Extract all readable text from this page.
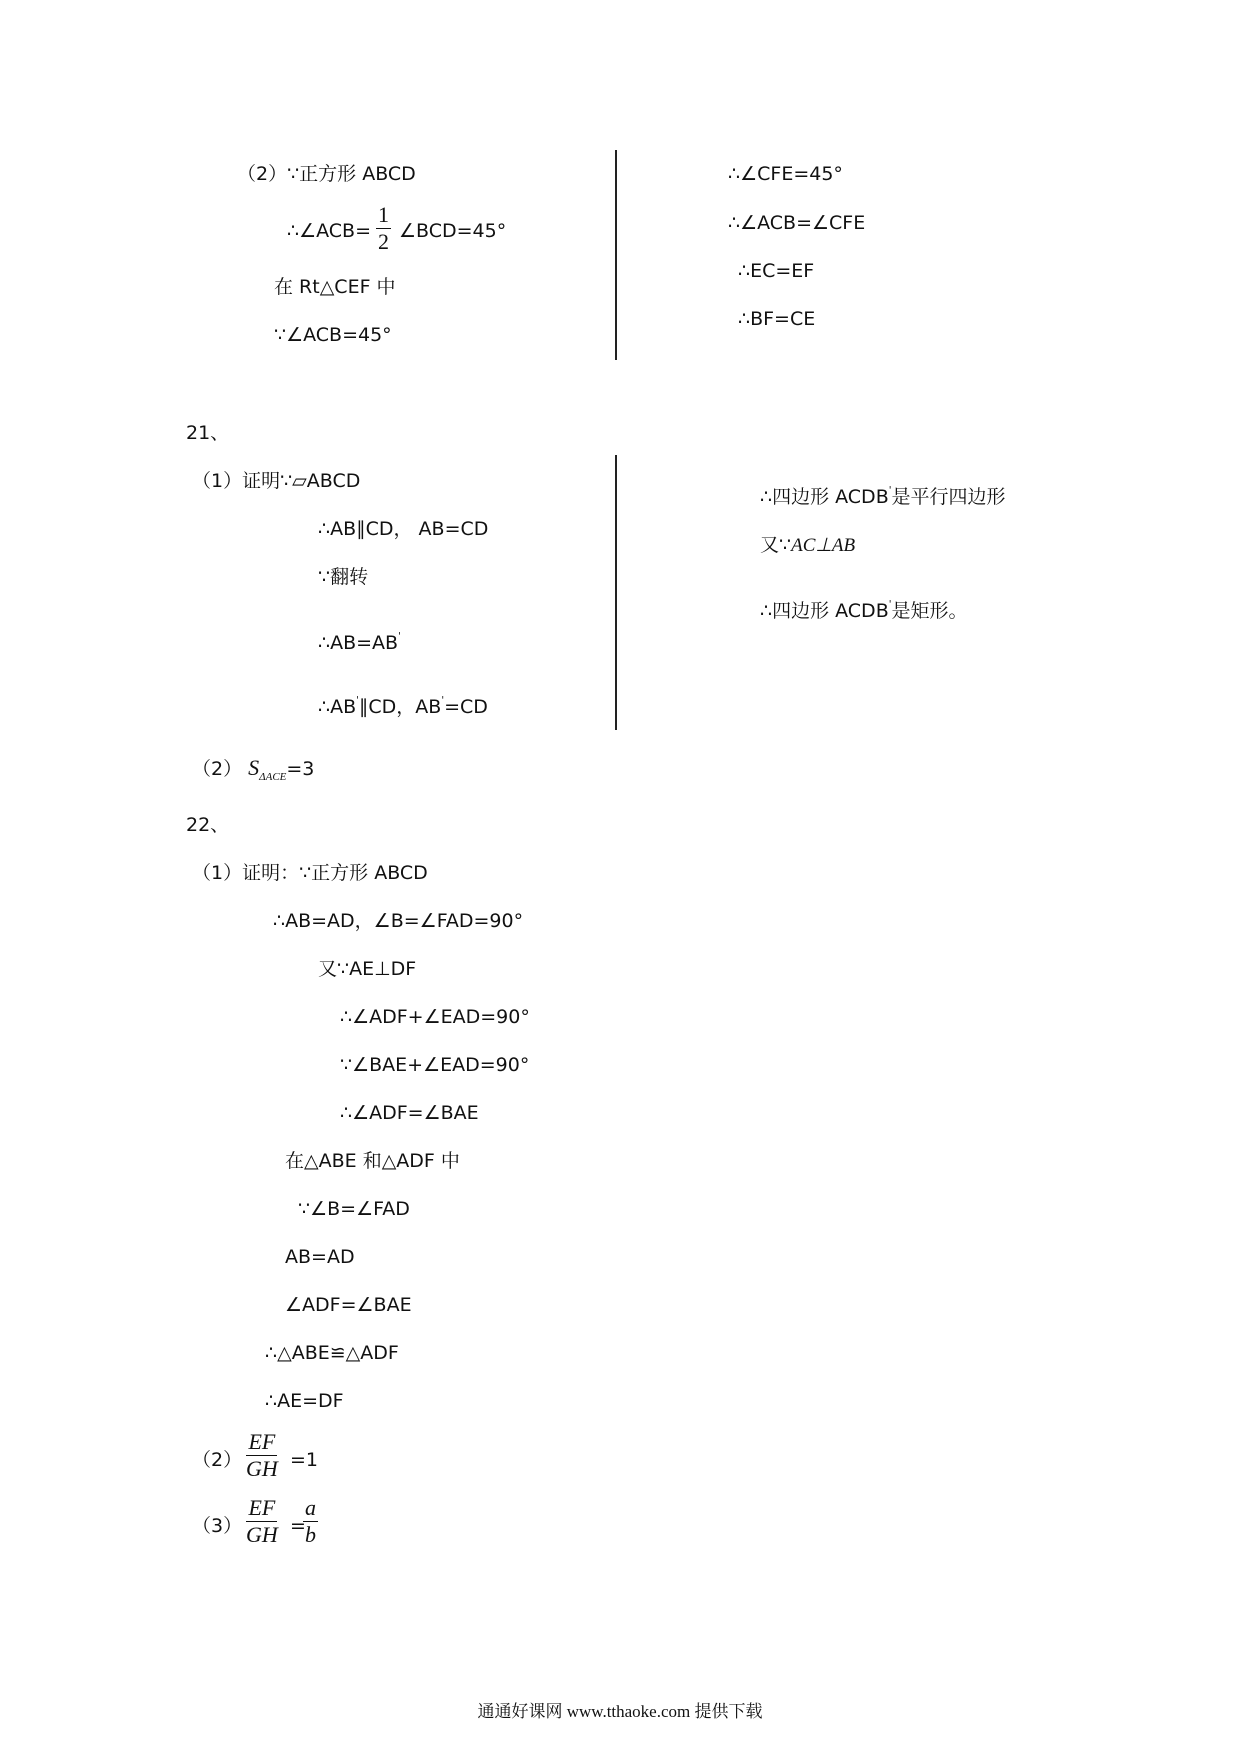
（2）∵正方形 ABCD
∴∠ACB= $\frac{1}{2}$ ∠BCD=45°
在 Rt△CEF 中
∵∠ACB=45°
∴∠CFE=45°
∴∠ACB=∠CFE
∴EC=EF
∴BF=CE
21、
（1）证明∵▱ABCD
∴AB∥CD， AB=CD
∵翻转
∴AB=AB'
∴AB'∥CD，AB'=CD
∴四边形 ACDB'是平行四边形
又∵AC⊥AB
∴四边形 ACDB'是矩形。
（2） $S_{\Delta ACE}=3$
22、
（1）证明：∵正方形 ABCD
∴AB=AD，∠B=∠FAD=90°
又∵AE⊥DF
∴∠ADF+∠EAD=90°
∵∠BAE+∠EAD=90°
∴∠ADF=∠BAE
在△ABE 和△ADF 中
∵∠B=∠FAD
AB=AD
∠ADF=∠BAE
∴△ABE≌△ADF
∴AE=DF
$(2) \frac{EF}{GH} =1$
$(3) \frac{EF}{GH}$ =
$\frac{a}{b}$
通通好课网 www.tthaoke.com 提供下载
